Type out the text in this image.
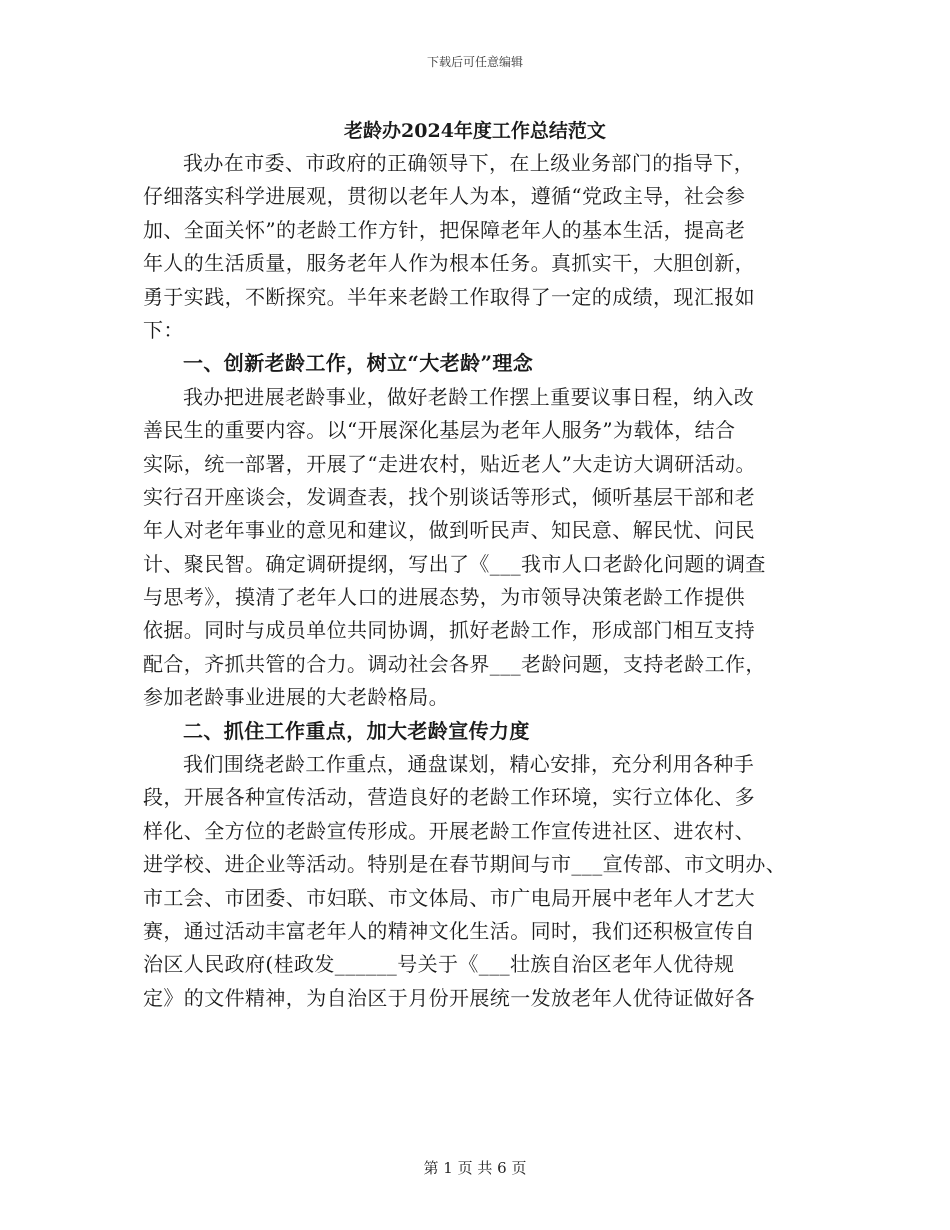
下载后可任意编辑
老龄办2024年度工作总结范文
我办在市委、市政府的正确领导下，在上级业务部门的指导下，
仔细落实科学进展观，贯彻以老年人为本，遵循“党政主导，社会参
加、全面关怀”的老龄工作方针，把保障老年人的基本生活，提高老
年人的生活质量，服务老年人作为根本任务。真抓实干，大胆创新，
勇于实践，不断探究。半年来老龄工作取得了一定的成绩，现汇报如
下：
一、创新老龄工作，树立“大老龄”理念
我办把进展老龄事业，做好老龄工作摆上重要议事日程，纳入改
善民生的重要内容。以“开展深化基层为老年人服务”为载体，结合
实际，统一部署，开展了“走进农村，贴近老人”大走访大调研活动。
实行召开座谈会，发调查表，找个别谈话等形式，倾听基层干部和老
年人对老年事业的意见和建议，做到听民声、知民意、解民忧、问民
计、聚民智。确定调研提纲，写出了《___我市人口老龄化问题的调查
与思考》，摸清了老年人口的进展态势，为市领导决策老龄工作提供
依据。同时与成员单位共同协调，抓好老龄工作，形成部门相互支持
配合，齐抓共管的合力。调动社会各界___老龄问题，支持老龄工作，
参加老龄事业进展的大老龄格局。
二、抓住工作重点，加大老龄宣传力度
我们围绕老龄工作重点，通盘谋划，精心安排，充分利用各种手
段，开展各种宣传活动，营造良好的老龄工作环境，实行立体化、多
样化、全方位的老龄宣传形成。开展老龄工作宣传进社区、进农村、
进学校、进企业等活动。特别是在春节期间与市___宣传部、市文明办、
市工会、市团委、市妇联、市文体局、市广电局开展中老年人才艺大
赛，通过活动丰富老年人的精神文化生活。同时，我们还积极宣传自
治区人民政府(桂政发______号关于《___壮族自治区老年人优待规
定》的文件精神，为自治区于月份开展统一发放老年人优待证做好各
第 1 页 共 6 页
